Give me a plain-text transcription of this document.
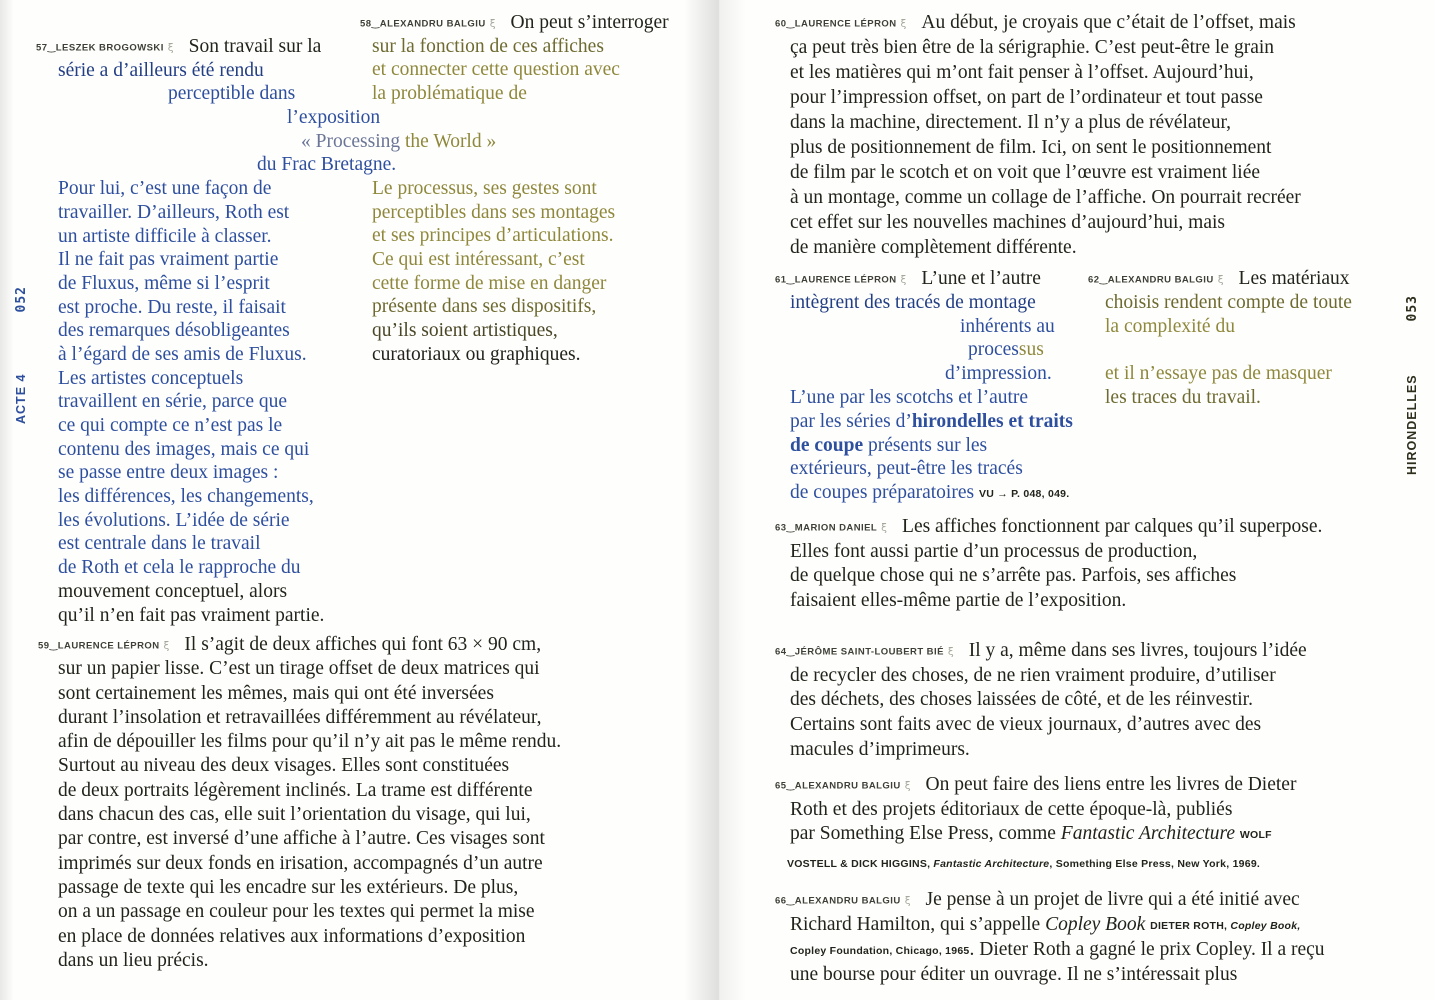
ACTE 4
052
HIRONDELLES
053
57‿LESZEK BROGOWSKI ξ Son travail sur la
série a d’ailleurs été rendu
perceptible dans
l’exposition
« Processing the World »
du Frac Bretagne.
Pour lui, c’est une façon de
travailler. D’ailleurs, Roth est
un artiste difficile à classer.
Il ne fait pas vraiment partie
de Fluxus, même si l’esprit
est proche. Du reste, il faisait
des remarques désobligeantes
à l’égard de ses amis de Fluxus.
Les artistes conceptuels
travaillent en série, parce que
ce qui compte ce n’est pas le
contenu des images, mais ce qui
se passe entre deux images :
les différences, les changements,
les évolutions. L’idée de série
est centrale dans le travail
de Roth et cela le rapproche du
mouvement conceptuel, alors
qu’il n’en fait pas vraiment partie.
58‿ALEXANDRU BALGIU ξ On peut s’interroger
sur la fonction de ces affiches
et connecter cette question avec
la problématique de
Le processus, ses gestes sont
perceptibles dans ses montages
et ses principes d’articulations.
Ce qui est intéressant, c’est
cette forme de mise en danger
présente dans ses dispositifs,
qu’ils soient artistiques,
curatoriaux ou graphiques.
59‿LAURENCE LÉPRON ξ Il s’agit de deux affiches qui font 63 × 90 cm,
sur un papier lisse. C’est un tirage offset de deux matrices qui
sont certainement les mêmes, mais qui ont été inversées
durant l’insolation et retravaillées différemment au révélateur,
afin de dépouiller les films pour qu’il n’y ait pas le même rendu.
Surtout au niveau des deux visages. Elles sont constituées
de deux portraits légèrement inclinés. La trame est différente
dans chacun des cas, elle suit l’orientation du visage, qui lui,
par contre, est inversé d’une affiche à l’autre. Ces visages sont
imprimés sur deux fonds en irisation, accompagnés d’un autre
passage de texte qui les encadre sur les extérieurs. De plus,
on a un passage en couleur pour les textes qui permet la mise
en place de données relatives aux informations d’exposition
dans un lieu précis.
60‿LAURENCE LÉPRON ξ Au début, je croyais que c’était de l’offset, mais
ça peut très bien être de la sérigraphie. C’est peut-être le grain
et les matières qui m’ont fait penser à l’offset. Aujourd’hui,
pour l’impression offset, on part de l’ordinateur et tout passe
dans la machine, directement. Il n’y a plus de révélateur,
plus de positionnement de film. Ici, on sent le positionnement
de film par le scotch et on voit que l’œuvre est vraiment liée
à un montage, comme un collage de l’affiche. On pourrait recréer
cet effet sur les nouvelles machines d’aujourd’hui, mais
de manière complètement différente.
61‿LAURENCE LÉPRON ξ L’une et l’autre
intègrent des tracés de montage
inhérents au
processus
d’impression.
L’une par les scotchs et l’autre
par les séries d’hirondelles et traits
de coupe présents sur les
extérieurs, peut-être les tracés
de coupes préparatoires VU → P. 048, 049.
62‿ALEXANDRU BALGIU ξ Les matériaux
choisis rendent compte de toute
la complexité du
et il n’essaye pas de masquer
les traces du travail.
63‿MARION DANIEL ξ Les affiches fonctionnent par calques qu’il superpose.
Elles font aussi partie d’un processus de production,
de quelque chose qui ne s’arrête pas. Parfois, ses affiches
faisaient elles-même partie de l’exposition.
64‿JÉRÔME SAINT-LOUBERT BIÉ ξ Il y a, même dans ses livres, toujours l’idée
de recycler des choses, de ne rien vraiment produire, d’utiliser
des déchets, des choses laissées de côté, et de les réinvestir.
Certains sont faits avec de vieux journaux, d’autres avec des
macules d’imprimeurs.
65‿ALEXANDRU BALGIU ξ On peut faire des liens entre les livres de Dieter
Roth et des projets éditoriaux de cette époque-là, publiés
par Something Else Press, comme Fantastic Architecture WOLF
VOSTELL & DICK HIGGINS, Fantastic Architecture, Something Else Press, New York, 1969.
66‿ALEXANDRU BALGIU ξ Je pense à un projet de livre qui a été initié avec
Richard Hamilton, qui s’appelle Copley Book DIETER ROTH, Copley Book,
Copley Foundation, Chicago, 1965. Dieter Roth a gagné le prix Copley. Il a reçu
une bourse pour éditer un ouvrage. Il ne s’intéressait plus
